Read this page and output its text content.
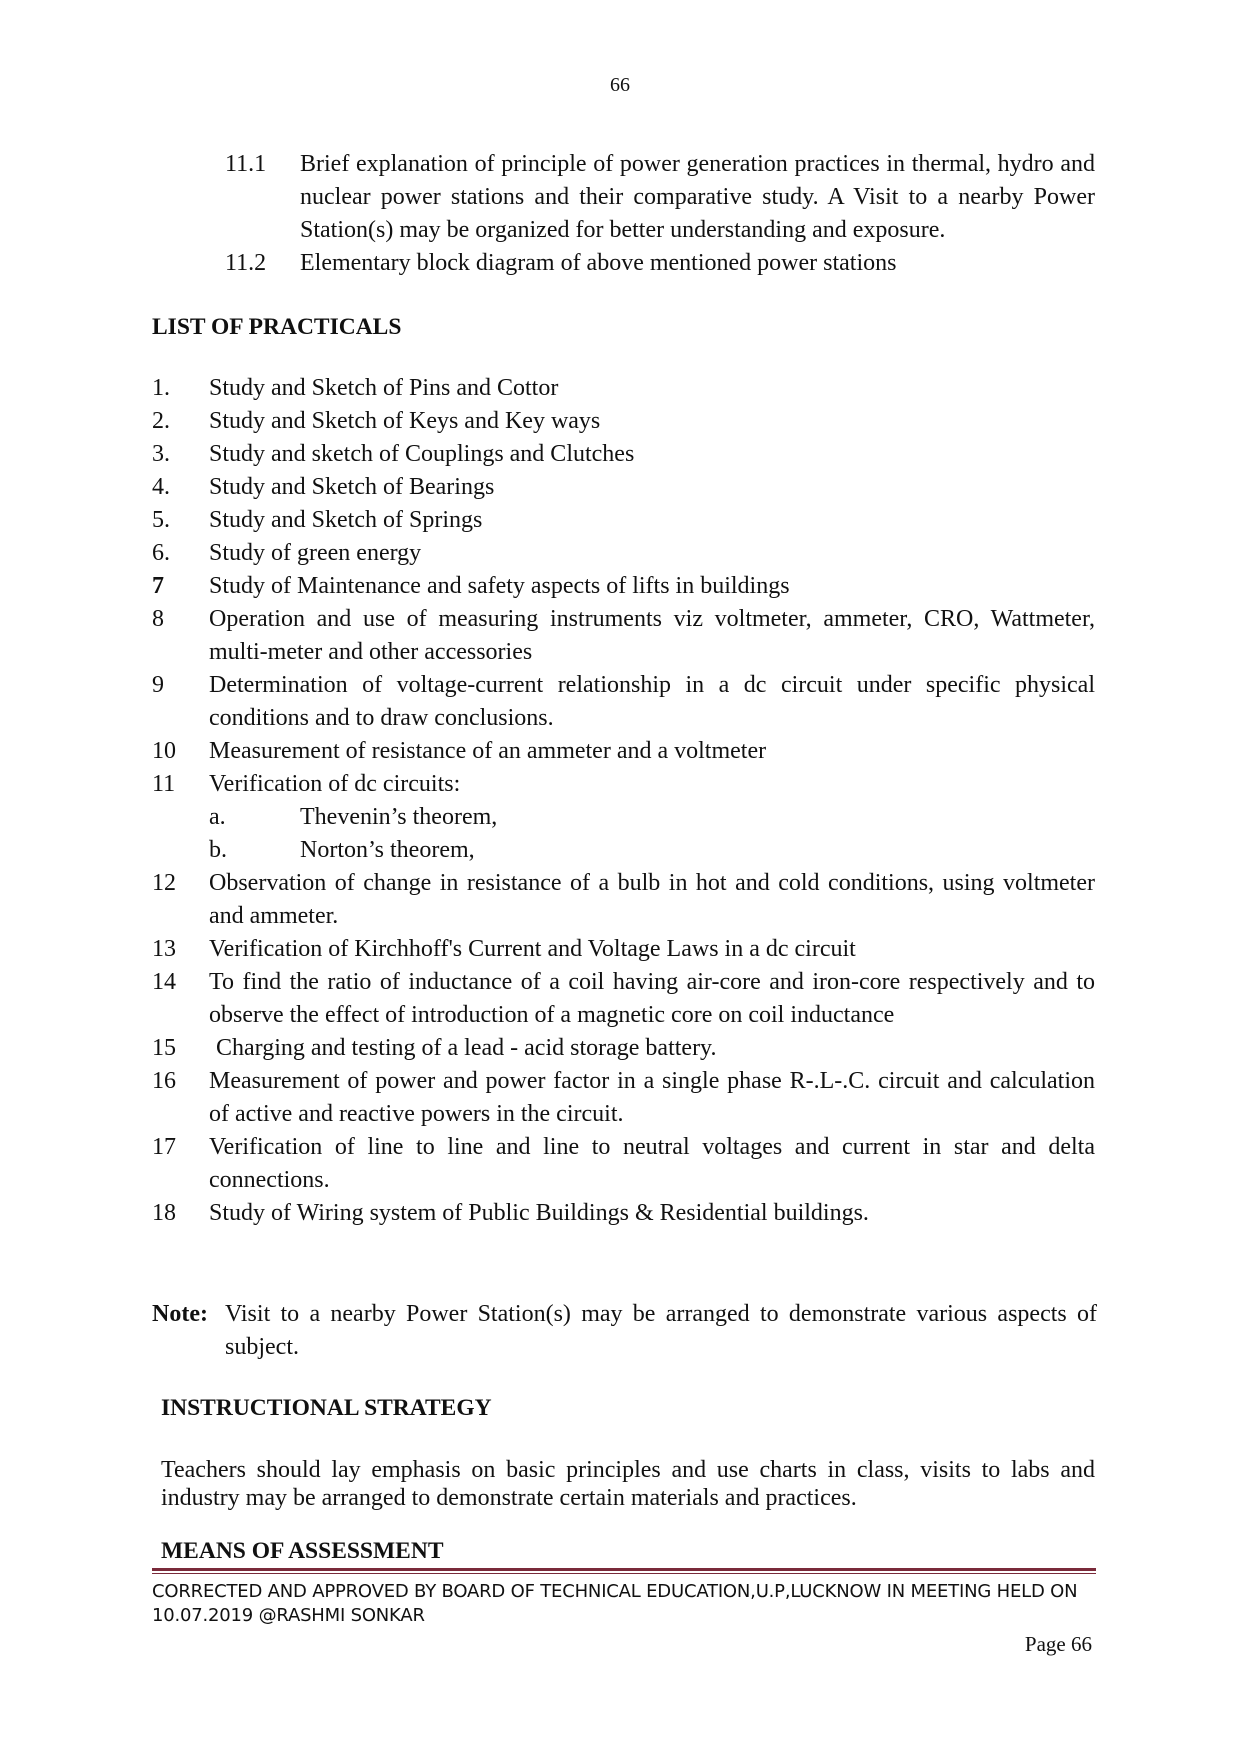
66
11.1	Brief explanation of principle of power generation practices in thermal, hydro and nuclear power stations and their comparative study. A Visit to a nearby Power Station(s) may be organized for better understanding and exposure.
11.2	Elementary block diagram of above mentioned power stations
LIST OF PRACTICALS
1.	Study and Sketch of Pins and Cottor
2.	Study and Sketch of Keys and Key ways
3.	Study and sketch of Couplings and Clutches
4.	Study and Sketch of Bearings
5.	Study and Sketch of Springs
6.	Study of green energy
7	Study of Maintenance and safety aspects of lifts in buildings
8	Operation and use of measuring instruments viz voltmeter, ammeter, CRO, Wattmeter, multi-meter and other accessories
9	Determination of voltage-current relationship in a dc circuit under specific physical conditions and to draw conclusions.
10	Measurement of resistance of an ammeter and a voltmeter
11	Verification of dc circuits:
a.	Thevenin’s theorem,
b.	Norton’s theorem,
12	Observation of change in resistance of a bulb in hot and cold conditions, using voltmeter and ammeter.
13	Verification of Kirchhoff's Current and Voltage Laws in a dc circuit
14	To find the ratio of inductance of a coil having air-core and iron-core respectively and to observe the effect of introduction of a magnetic core on coil inductance
15	Charging and testing of a lead - acid storage battery.
16	Measurement of power and power factor in a single phase R-.L-.C. circuit and calculation of active and reactive powers in the circuit.
17	Verification of line to line and line to neutral voltages and current in star and delta connections.
18	Study of Wiring system of Public Buildings & Residential buildings.
Note: Visit to a nearby Power Station(s) may be arranged to demonstrate various aspects of subject.
INSTRUCTIONAL STRATEGY
Teachers should lay emphasis on basic principles and use charts in class, visits to labs and industry may be arranged to demonstrate certain materials and practices.
MEANS OF ASSESSMENT
CORRECTED AND APPROVED BY BOARD OF TECHNICAL EDUCATION,U.P,LUCKNOW IN MEETING HELD ON 10.07.2019 @RASHMI SONKAR
Page 66
